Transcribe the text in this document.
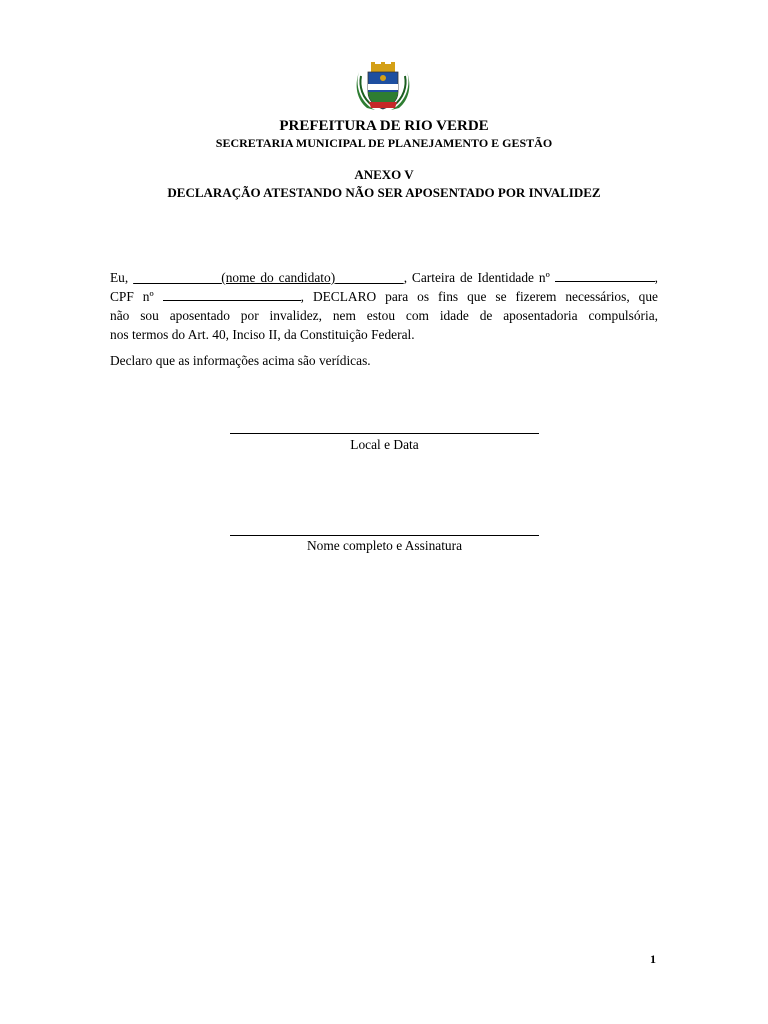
PREFEITURA DE RIO VERDE
SECRETARIA MUNICIPAL DE PLANEJAMENTO E GESTÃO
ANEXO V
DECLARAÇÃO ATESTANDO NÃO SER APOSENTADO POR INVALIDEZ
Eu,	(nome do candidato)	, Carteira de Identidade nº	,
CPF nº	, DECLARO para os fins que se fizerem necessários, que
não sou aposentado por invalidez, nem estou com idade de aposentadoria compulsória,
nos termos do Art. 40, Inciso II, da Constituição Federal.
Declaro que as informações acima são verídicas.
Local e Data
Nome completo e Assinatura
1
